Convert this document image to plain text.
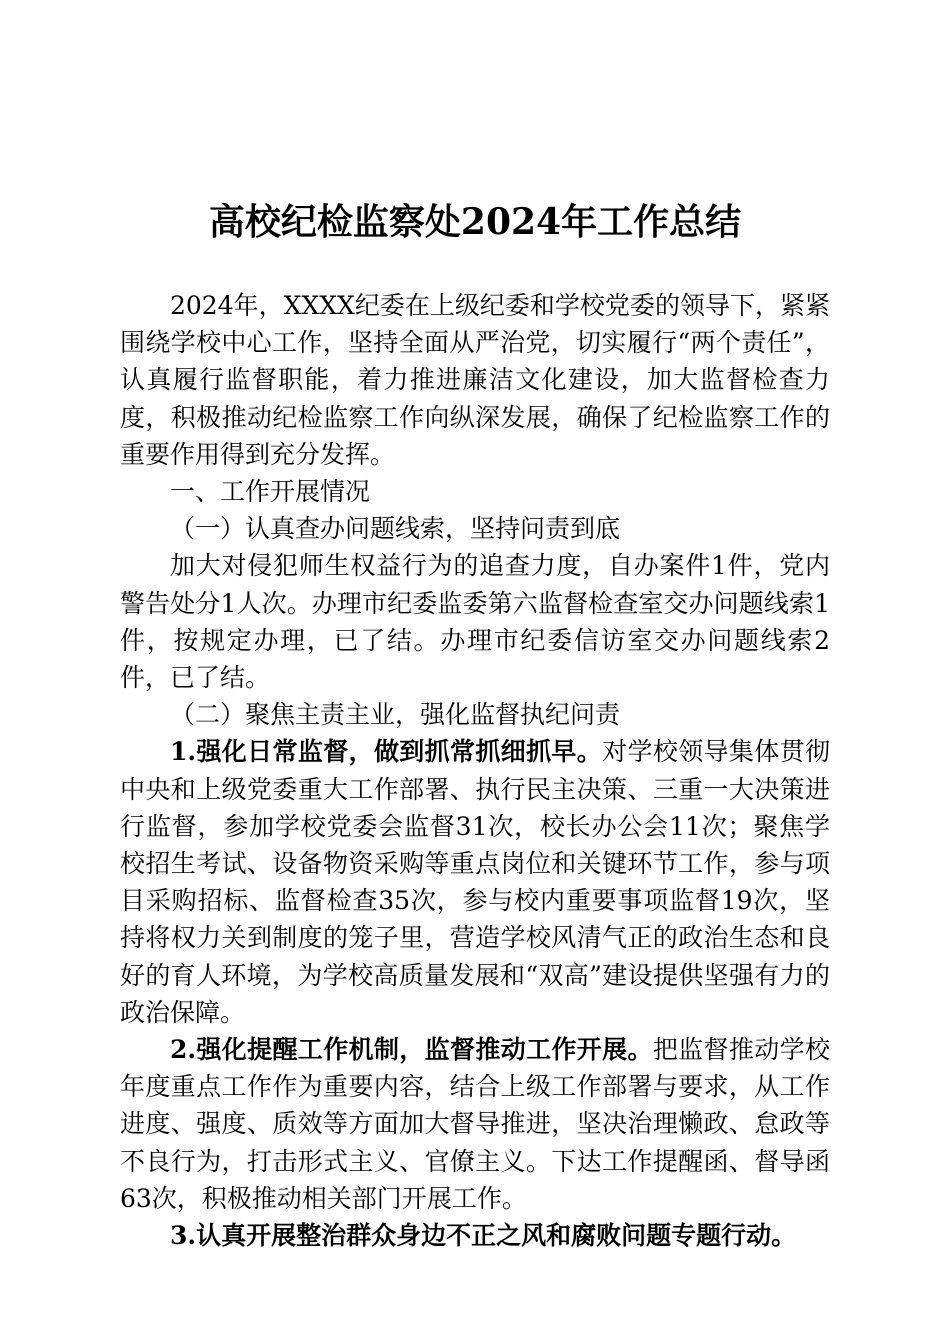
高校纪检监察处2024年工作总结

2024年，XXXX纪委在上级纪委和学校党委的领导下，紧紧围绕学校中心工作，坚持全面从严治党，切实履行“两个责任”，认真履行监督职能，着力推进廉洁文化建设，加大监督检查力度，积极推动纪检监察工作向纵深发展，确保了纪检监察工作的重要作用得到充分发挥。

一、工作开展情况

（一）认真查办问题线索，坚持问责到底

加大对侵犯师生权益行为的追查力度，自办案件1件，党内警告处分1人次。办理市纪委监委第六监督检查室交办问题线索1件，按规定办理，已了结。办理市纪委信访室交办问题线索2件，已了结。

（二）聚焦主责主业，强化监督执纪问责

1.强化日常监督，做到抓常抓细抓早。对学校领导集体贯彻中央和上级党委重大工作部署、执行民主决策、三重一大决策进行监督，参加学校党委会监督31次，校长办公会11次；聚焦学校招生考试、设备物资采购等重点岗位和关键环节工作，参与项目采购招标、监督检查35次，参与校内重要事项监督19次，坚持将权力关到制度的笼子里，营造学校风清气正的政治生态和良好的育人环境，为学校高质量发展和“双高”建设提供坚强有力的政治保障。

2.强化提醒工作机制，监督推动工作开展。把监督推动学校年度重点工作作为重要内容，结合上级工作部署与要求，从工作进度、强度、质效等方面加大督导推进，坚决治理懒政、怠政等不良行为，打击形式主义、官僚主义。下达工作提醒函、督导函63次，积极推动相关部门开展工作。

3.认真开展整治群众身边不正之风和腐败问题专题行动。
